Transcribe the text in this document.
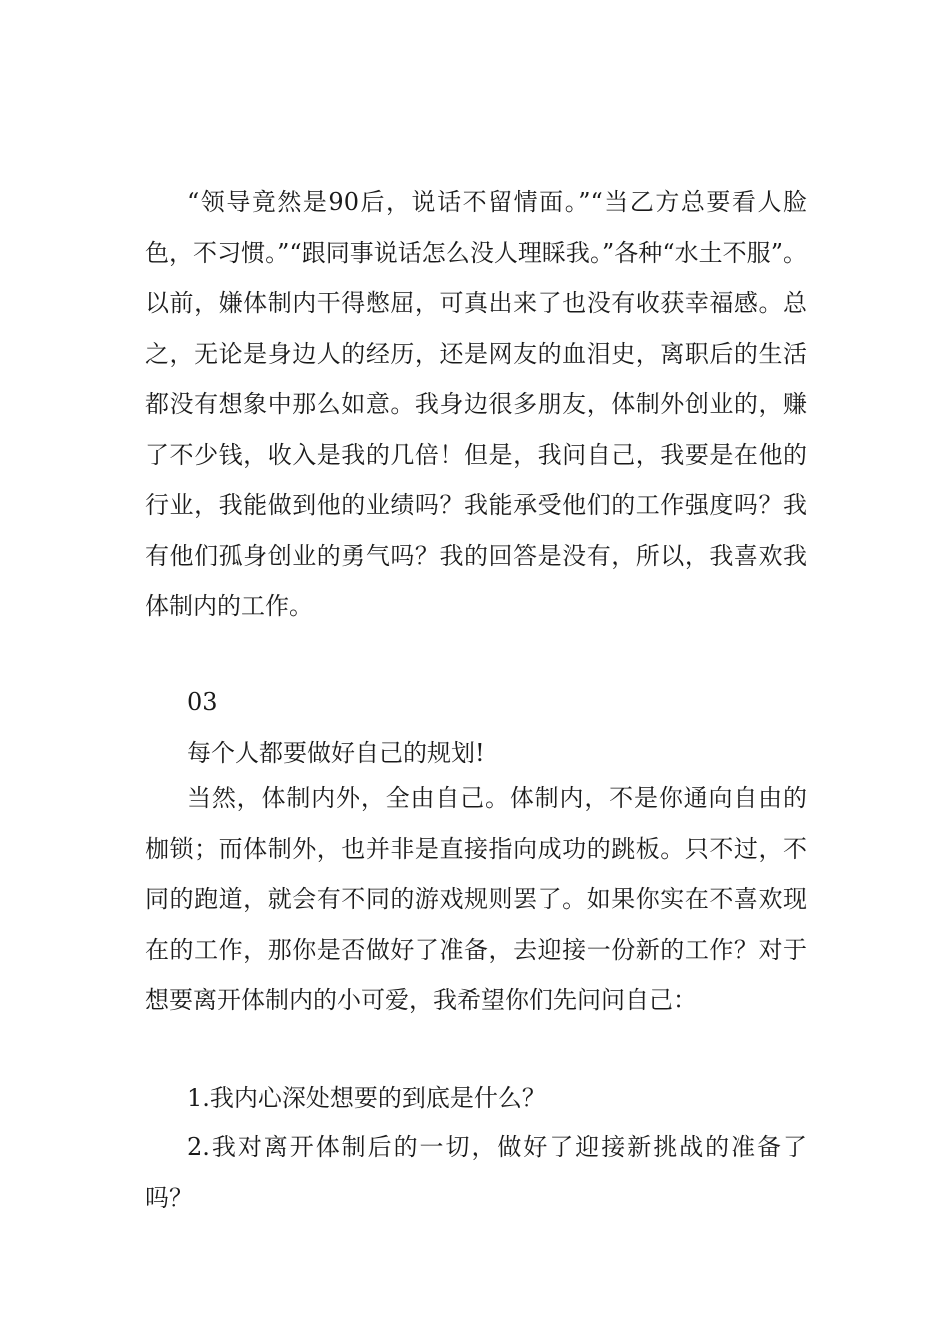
“领导竟然是90后，说话不留情面。”“当乙方总要看人脸色，不习惯。”“跟同事说话怎么没人理睬我。”各种“水土不服”。以前，嫌体制内干得憋屈，可真出来了也没有收获幸福感。总之，无论是身边人的经历，还是网友的血泪史，离职后的生活都没有想象中那么如意。我身边很多朋友，体制外创业的，赚了不少钱，收入是我的几倍！但是，我问自己，我要是在他的行业，我能做到他的业绩吗？我能承受他们的工作强度吗？我有他们孤身创业的勇气吗？我的回答是没有，所以，我喜欢我体制内的工作。

03

每个人都要做好自己的规划!

当然，体制内外，全由自己。体制内，不是你通向自由的枷锁；而体制外，也并非是直接指向成功的跳板。只不过，不同的跑道，就会有不同的游戏规则罢了。如果你实在不喜欢现在的工作，那你是否做好了准备，去迎接一份新的工作？对于想要离开体制内的小可爱，我希望你们先问问自己：

1.我内心深处想要的到底是什么？

2.我对离开体制后的一切，做好了迎接新挑战的准备了吗？
